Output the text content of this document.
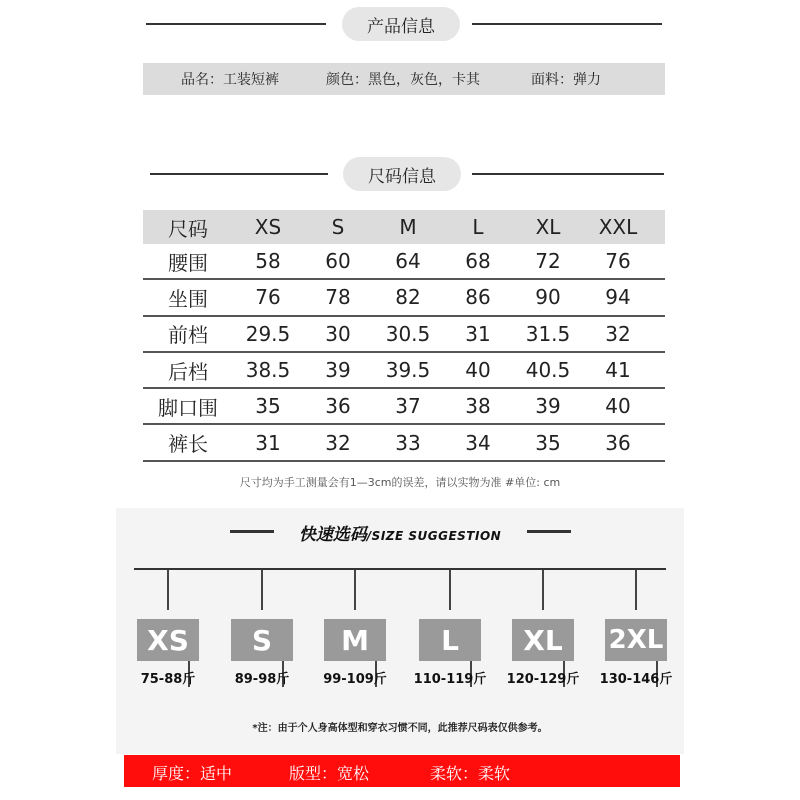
产品信息
品名：工装短裤	颜色：黑色，灰色，卡其	面料：弹力
尺码信息
尺码	XS	S	M	L	XL	XXL
腰围	58	60	64	68	72	76
坐围	76	78	82	86	90	94
前档	29.5	30	30.5	31	31.5	32
后档	38.5	39	39.5	40	40.5	41
脚口围	35	36	37	38	39	40
裤长	31	32	33	34	35	36
尺寸均为手工测量会有1—3cm的误差，请以实物为准 #单位: cm
快速选码/SIZE SUGGESTION
XS
75-88斤
S
89-98斤
M
99-109斤
L
110-119斤
XL
120-129斤
2XL
130-146斤
*注：由于个人身高体型和穿衣习惯不同，此推荐尺码表仅供参考。
厚度：适中	版型：宽松	柔软：柔软
